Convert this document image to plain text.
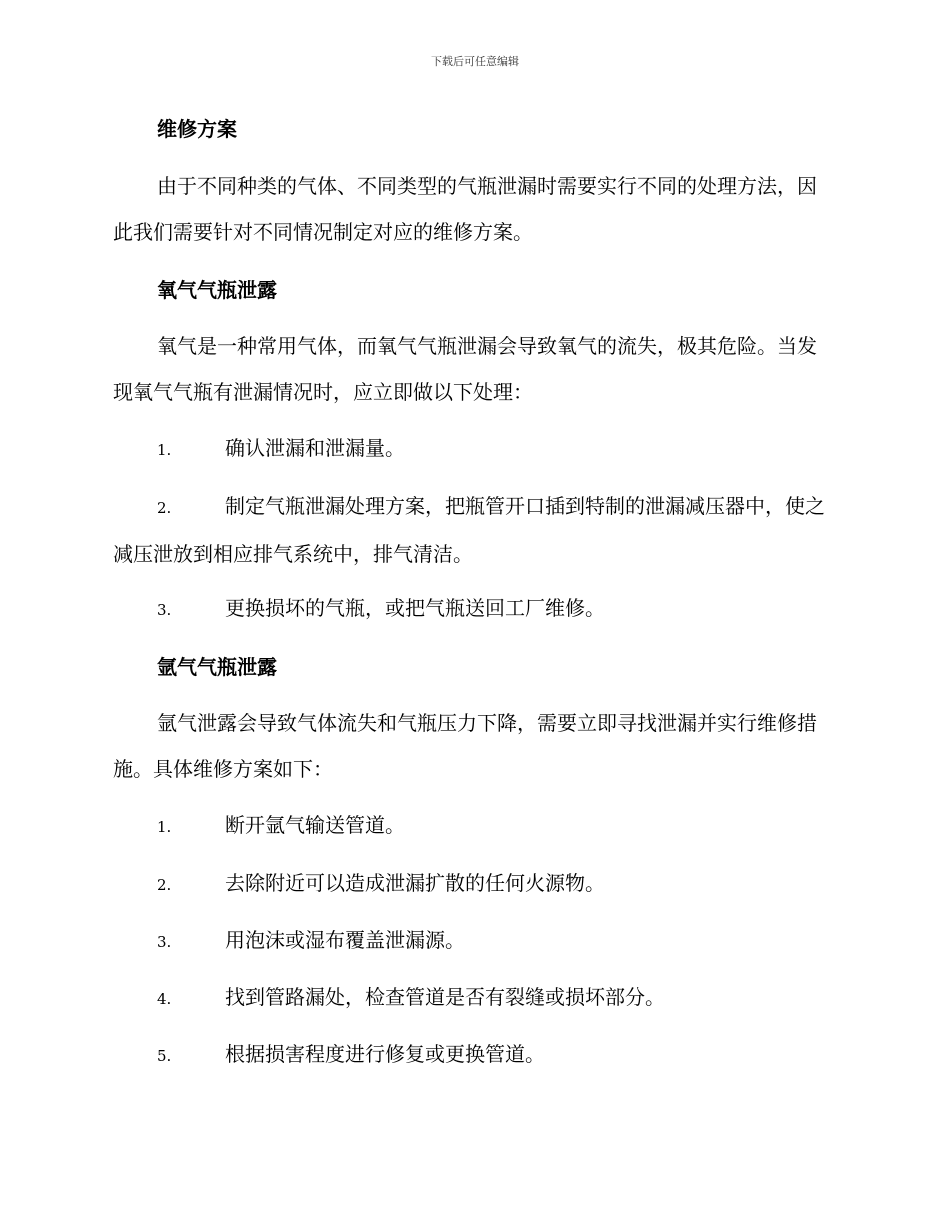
下载后可任意编辑
维修方案

由于不同种类的气体、不同类型的气瓶泄漏时需要实行不同的处理方法，因此我们需要针对不同情况制定对应的维修方案。

氧气气瓶泄露

氧气是一种常用气体，而氧气气瓶泄漏会导致氧气的流失，极其危险。当发现氧气气瓶有泄漏情况时，应立即做以下处理：

1.	确认泄漏和泄漏量。
2.	制定气瓶泄漏处理方案，把瓶管开口插到特制的泄漏减压器中，使之减压泄放到相应排气系统中，排气清洁。
3.	更换损坏的气瓶，或把气瓶送回工厂维修。
氩气气瓶泄露

氩气泄露会导致气体流失和气瓶压力下降，需要立即寻找泄漏并实行维修措施。具体维修方案如下：

1.	断开氩气输送管道。
2.	去除附近可以造成泄漏扩散的任何火源物。
3.	用泡沫或湿布覆盖泄漏源。
4.	找到管路漏处，检查管道是否有裂缝或损坏部分。
5.	根据损害程度进行修复或更换管道。
